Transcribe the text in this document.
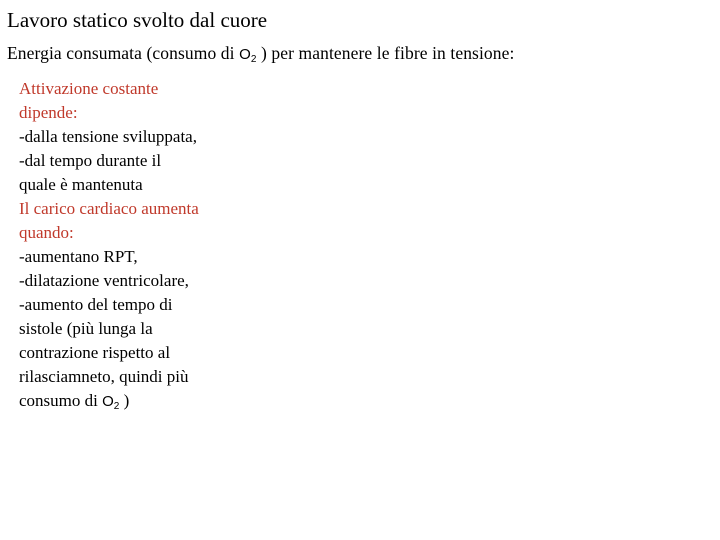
Lavoro statico svolto dal cuore
Energia consumata (consumo di $O_2$ ) per mantenere le fibre in tensione:
Attivazione costante
dipende:
-dalla tensione sviluppata,
-dal tempo durante il
quale è mantenuta
Il carico cardiaco aumenta
quando:
-aumentano RPT,
-dilatazione ventricolare,
-aumento del tempo di
sistole (più lunga la
contrazione rispetto al
rilasciamneto, quindi più
consumo di $O_2$ )
